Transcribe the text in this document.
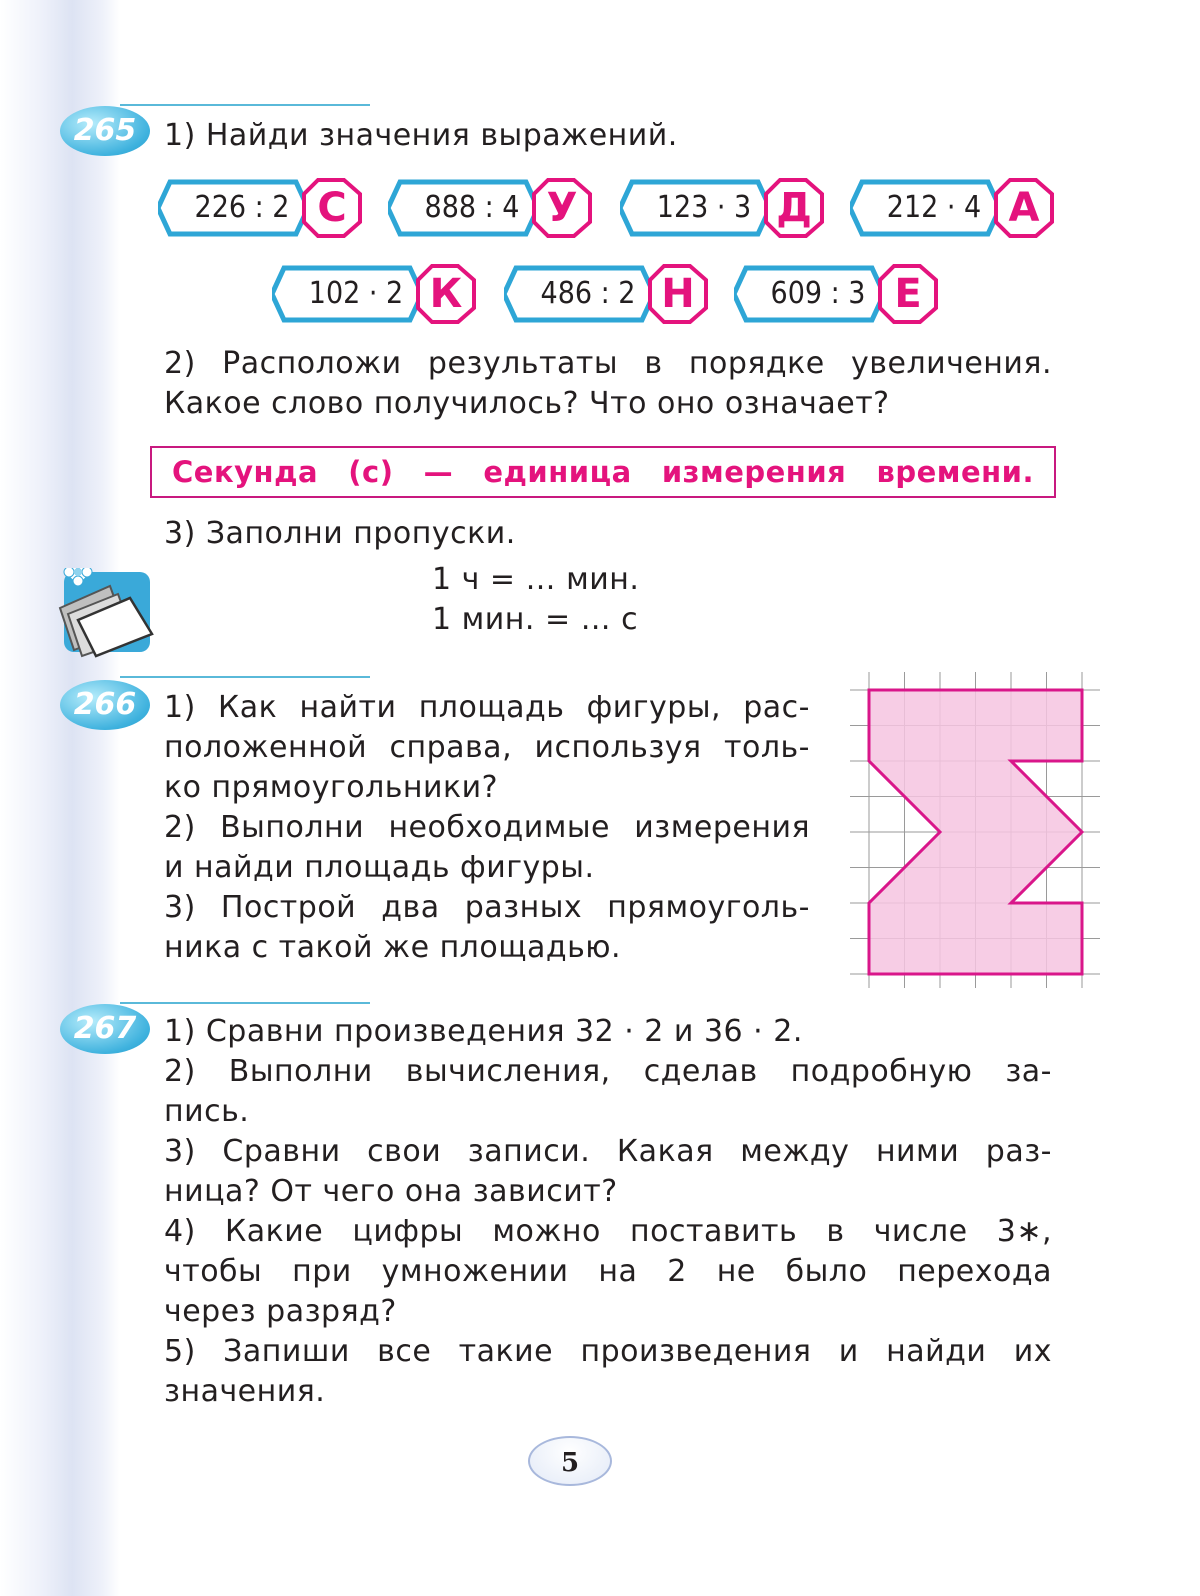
265 1) Найди значения выражений.
226 : 2 С	888 : 4 У	123 · 3 Д	212 · 4 А
102 · 2 К	486 : 2 Н	609 : 3 Е
2) Расположи результаты в порядке увеличения.
Какое слово получилось? Что оно означает?
Секунда (с) — единица измерения времени.
3) Заполни пропуски.
1 ч = … мин.
1 мин. = … с
266 1) Как найти площадь фигуры, рас-
положенной справа, используя толь-
ко прямоугольники?
2) Выполни необходимые измерения
и найди площадь фигуры.
3) Построй два разных прямоуголь-
ника с такой же площадью.
267 1) Сравни произведения 32 · 2 и 36 · 2.
2) Выполни вычисления, сделав подробную за-
пись.
3) Сравни свои записи. Какая между ними раз-
ница? От чего она зависит?
4) Какие цифры можно поставить в числе 3∗,
чтобы при умножении на 2 не было перехода
через разряд?
5) Запиши все такие произведения и найди их
значения.
5
